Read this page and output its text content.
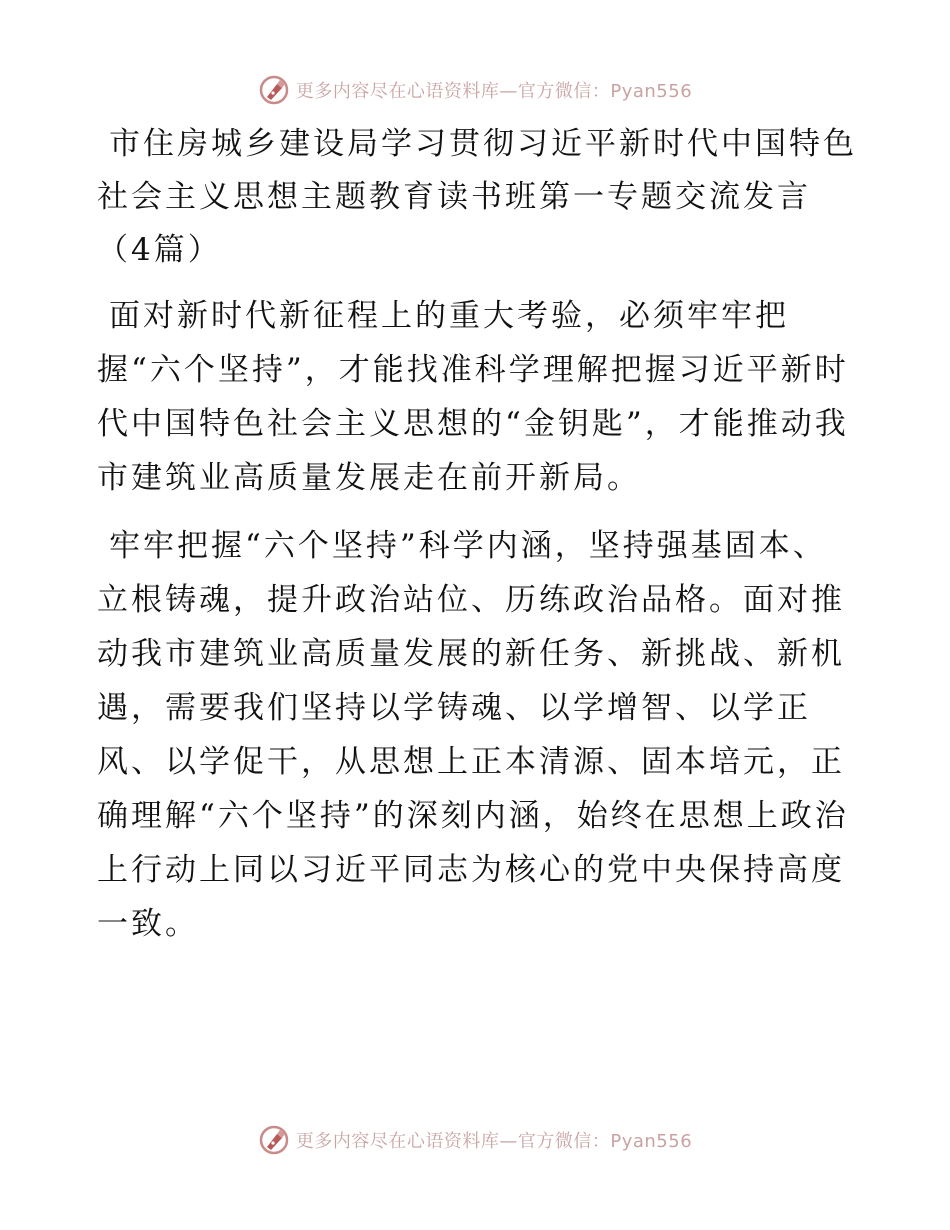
更多内容尽在心语资料库—官方微信：Pyan556
市住房城乡建设局学习贯彻习近平新时代中国特色社会主义思想主题教育读书班第一专题交流发言（4篇）

面对新时代新征程上的重大考验，必须牢牢把握“六个坚持”，才能找准科学理解把握习近平新时代中国特色社会主义思想的“金钥匙”，才能推动我市建筑业高质量发展走在前开新局。

牢牢把握“六个坚持”科学内涵，坚持强基固本、立根铸魂，提升政治站位、历练政治品格。面对推动我市建筑业高质量发展的新任务、新挑战、新机遇，需要我们坚持以学铸魂、以学增智、以学正风、以学促干，从思想上正本清源、固本培元，正确理解“六个坚持”的深刻内涵，始终在思想上政治上行动上同以习近平同志为核心的党中央保持高度一致。

更多内容尽在心语资料库—官方微信：Pyan556
